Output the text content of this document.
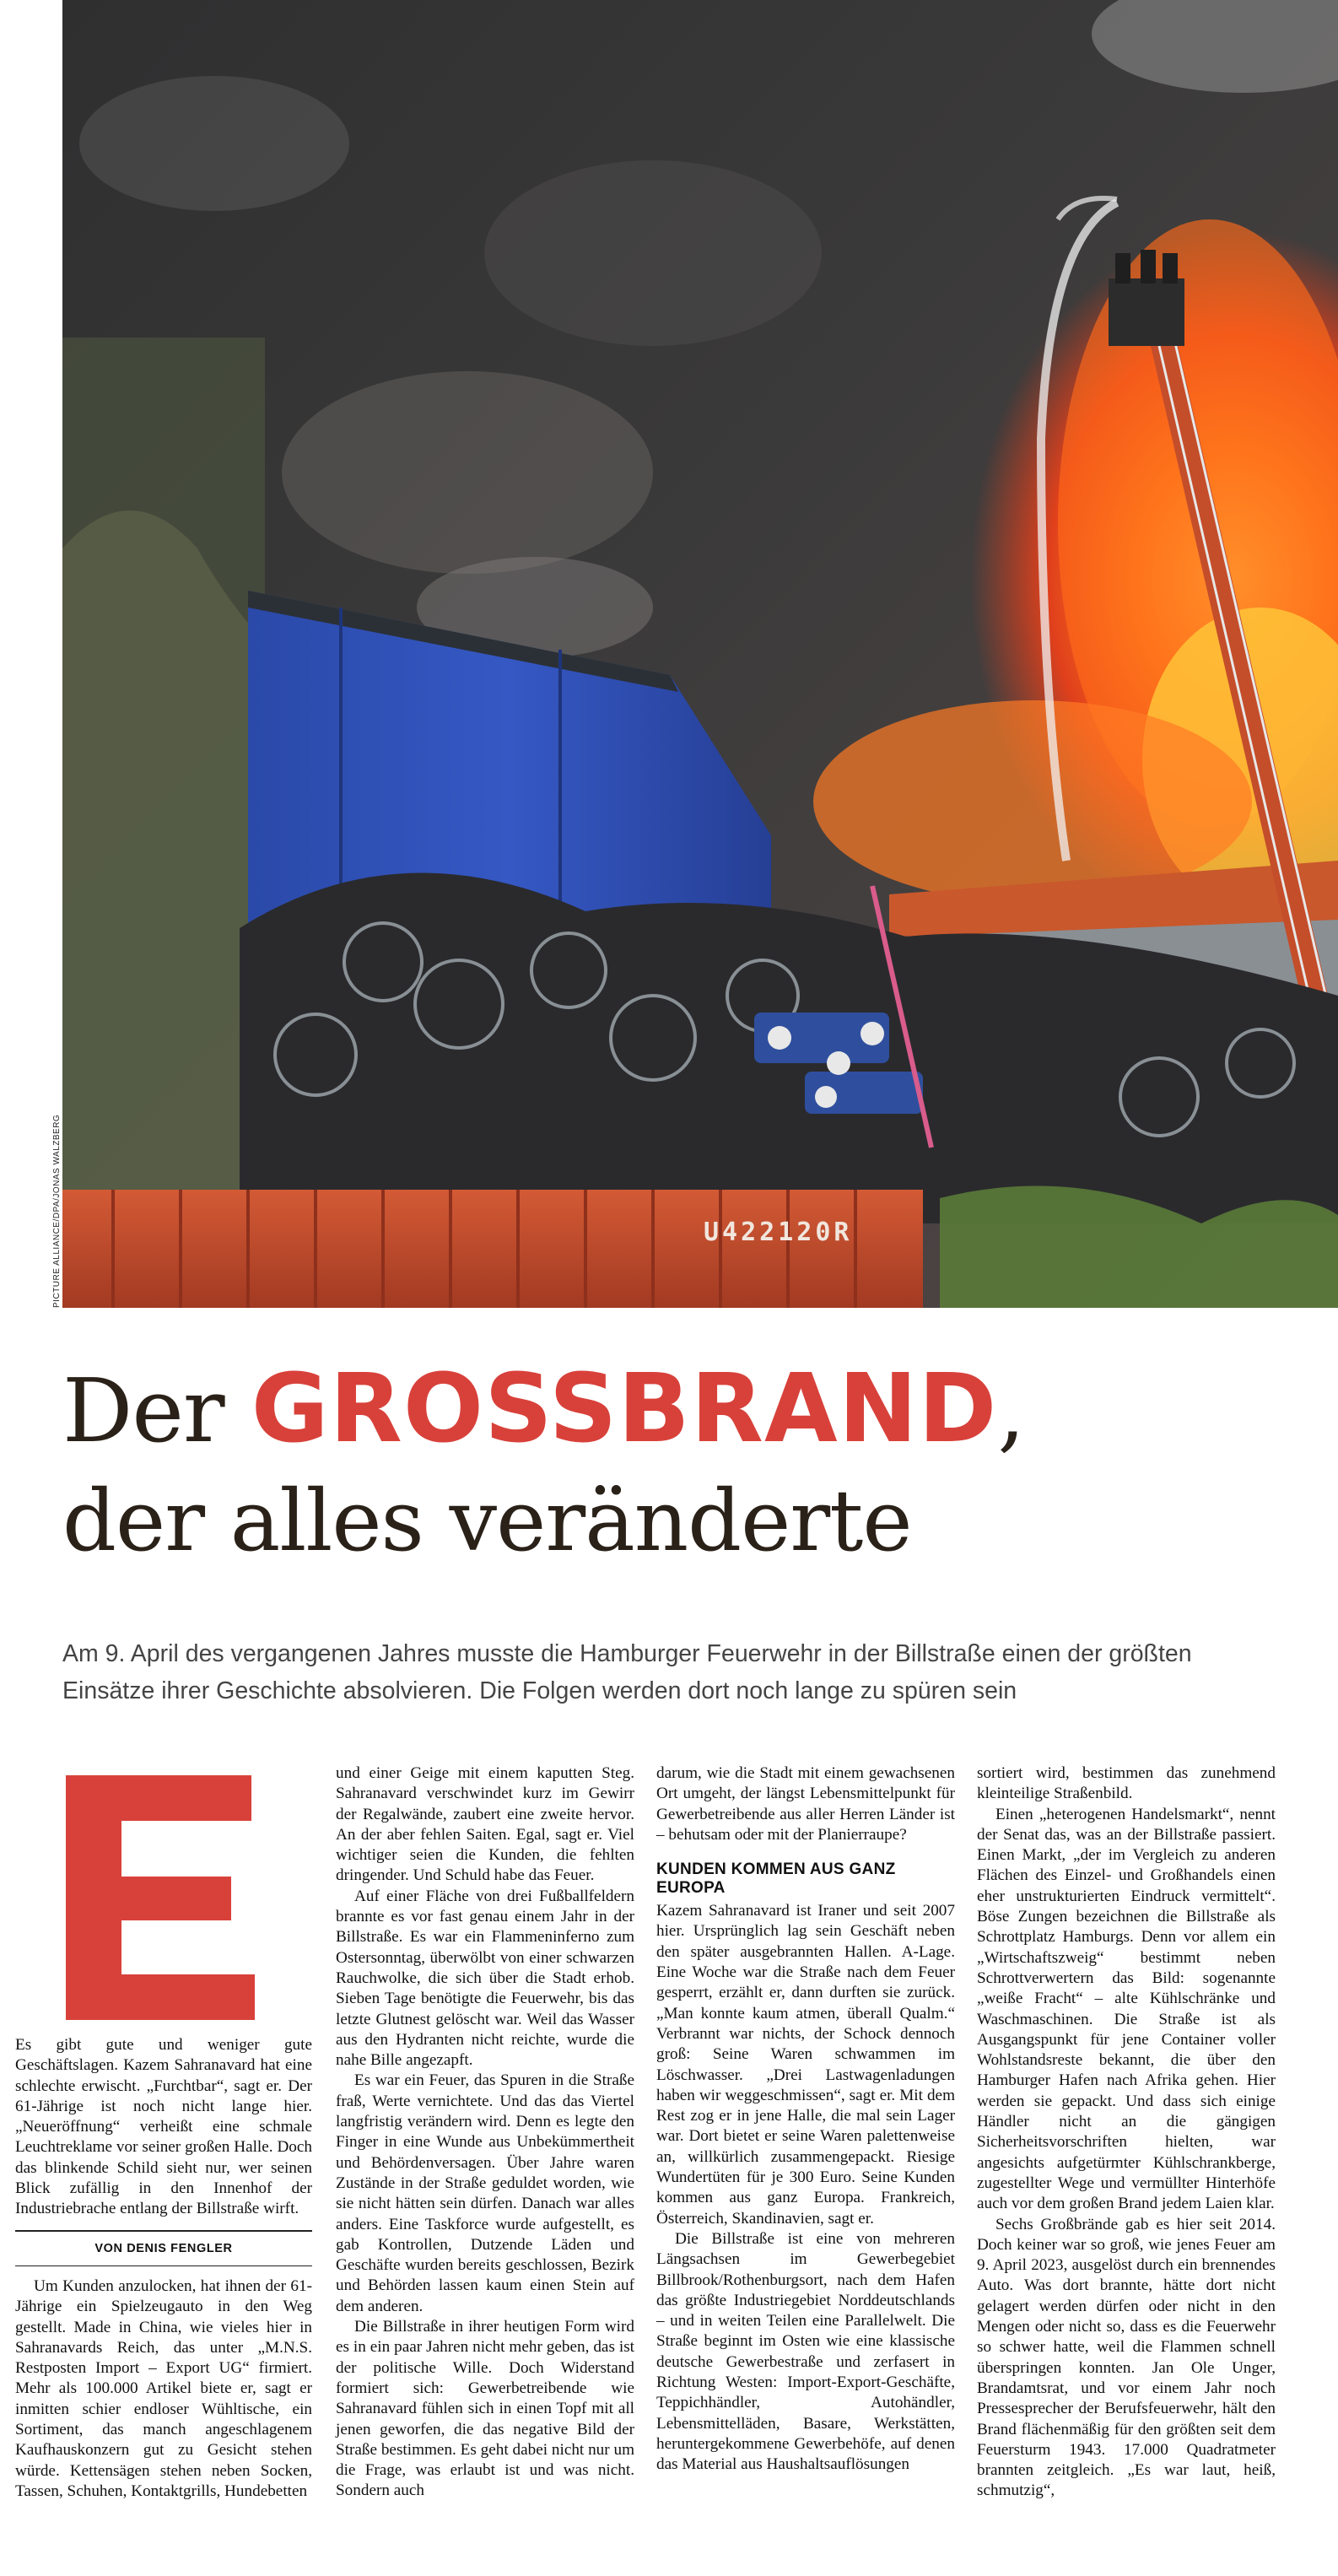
U422120R
PICTURE ALLIANCE/DPA/JONAS WALZBERG
Der GROSSBRAND,
der alles veränderte
Am 9. April des vergangenen Jahres musste die Hamburger Feuerwehr in der Billstraße einen der größten Einsätze ihrer Geschichte absolvieren. Die Folgen werden dort noch lange zu spüren sein

Es gibt gute und weniger gute Geschäftslagen. Kazem Sahranavard hat eine schlechte erwischt. „Furchtbar“, sagt er. Der 61-Jährige ist noch nicht lange hier. „Neueröffnung“ verheißt eine schmale Leuchtreklame vor seiner großen Halle. Doch das blinkende Schild sieht nur, wer seinen Blick zufällig in den Innenhof der Industriebrache entlang der Billstraße wirft.

VON DENIS FENGLER

Um Kunden anzulocken, hat ihnen der 61-Jährige ein Spielzeugauto in den Weg gestellt. Made in China, wie vieles hier in Sahranavards Reich, das unter „M.N.S. Restposten Import – Export UG“ firmiert. Mehr als 100.000 Artikel biete er, sagt er inmitten schier endloser Wühltische, ein Sortiment, das manch angeschlagenem Kaufhauskonzern gut zu Gesicht stehen würde. Kettensägen stehen neben Socken, Tassen, Schuhen, Kontaktgrills, Hundebetten

und einer Geige mit einem kaputten Steg. Sahranavard verschwindet kurz im Gewirr der Regalwände, zaubert eine zweite hervor. An der aber fehlen Saiten. Egal, sagt er. Viel wichtiger seien die Kunden, die fehlten dringender. Und Schuld habe das Feuer.

Auf einer Fläche von drei Fußballfeldern brannte es vor fast genau einem Jahr in der Billstraße. Es war ein Flammeninferno zum Ostersonntag, überwölbt von einer schwarzen Rauchwolke, die sich über die Stadt erhob. Sieben Tage benötigte die Feuerwehr, bis das letzte Glutnest gelöscht war. Weil das Wasser aus den Hydranten nicht reichte, wurde die nahe Bille angezapft.

Es war ein Feuer, das Spuren in die Straße fraß, Werte vernichtete. Und das das Viertel langfristig verändern wird. Denn es legte den Finger in eine Wunde aus Unbekümmertheit und Behördenversagen. Über Jahre waren Zustände in der Straße geduldet worden, wie sie nicht hätten sein dürfen. Danach war alles anders. Eine Taskforce wurde aufgestellt, es gab Kontrollen, Dutzende Läden und Geschäfte wurden bereits geschlossen, Bezirk und Behörden lassen kaum einen Stein auf dem anderen.

Die Billstraße in ihrer heutigen Form wird es in ein paar Jahren nicht mehr geben, das ist der politische Wille. Doch Widerstand formiert sich: Gewerbetreibende wie Sahranavard fühlen sich in einen Topf mit all jenen geworfen, die das negative Bild der Straße bestimmen. Es geht dabei nicht nur um die Frage, was erlaubt ist und was nicht. Sondern auch

darum, wie die Stadt mit einem gewachsenen Ort umgeht, der längst Lebensmittelpunkt für Gewerbetreibende aus aller Herren Länder ist – behutsam oder mit der Planierraupe?

KUNDEN KOMMEN AUS GANZ EUROPA

Kazem Sahranavard ist Iraner und seit 2007 hier. Ursprünglich lag sein Geschäft neben den später ausgebrannten Hallen. A-Lage. Eine Woche war die Straße nach dem Feuer gesperrt, erzählt er, dann durften sie zurück. „Man konnte kaum atmen, überall Qualm.“ Verbrannt war nichts, der Schock dennoch groß: Seine Waren schwammen im Löschwasser. „Drei Lastwagenladungen haben wir weggeschmissen“, sagt er. Mit dem Rest zog er in jene Halle, die mal sein Lager war. Dort bietet er seine Waren palettenweise an, willkürlich zusammengepackt. Riesige Wundertüten für je 300 Euro. Seine Kunden kommen aus ganz Europa. Frankreich, Österreich, Skandinavien, sagt er.

Die Billstraße ist eine von mehreren Längsachsen im Gewerbegebiet Billbrook/Rothenburgsort, nach dem Hafen das größte Industriegebiet Norddeutschlands – und in weiten Teilen eine Parallelwelt. Die Straße beginnt im Osten wie eine klassische deutsche Gewerbestraße und zerfasert in Richtung Westen: Import-Export-Geschäfte, Teppichhändler, Autohändler, Lebensmittelläden, Basare, Werkstätten, heruntergekommene Gewerbehöfe, auf denen das Material aus Haushaltsauflösungen

sortiert wird, bestimmen das zunehmend kleinteilige Straßenbild.

Einen „heterogenen Handelsmarkt“, nennt der Senat das, was an der Billstraße passiert. Einen Markt, „der im Vergleich zu anderen Flächen des Einzel- und Großhandels einen eher unstrukturierten Eindruck vermittelt“. Böse Zungen bezeichnen die Billstraße als Schrottplatz Hamburgs. Denn vor allem ein „Wirtschaftszweig“ bestimmt neben Schrottverwertern das Bild: sogenannte „weiße Fracht“ – alte Kühlschränke und Waschmaschinen. Die Straße ist als Ausgangspunkt für jene Container voller Wohlstandsreste bekannt, die über den Hamburger Hafen nach Afrika gehen. Hier werden sie gepackt. Und dass sich einige Händler nicht an die gängigen Sicherheitsvorschriften hielten, war angesichts aufgetürmter Kühlschrankberge, zugestellter Wege und vermüllter Hinterhöfe auch vor dem großen Brand jedem Laien klar.

Sechs Großbrände gab es hier seit 2014. Doch keiner war so groß, wie jenes Feuer am 9. April 2023, ausgelöst durch ein brennendes Auto. Was dort brannte, hätte dort nicht gelagert werden dürfen oder nicht in den Mengen oder nicht so, dass es die Feuerwehr so schwer hatte, weil die Flammen schnell überspringen konnten. Jan Ole Unger, Brandamtsrat, und vor einem Jahr noch Pressesprecher der Berufsfeuerwehr, hält den Brand flächenmäßig für den größten seit dem Feuersturm 1943. 17.000 Quadratmeter brannten zeitgleich. „Es war laut, heiß, schmutzig“,
